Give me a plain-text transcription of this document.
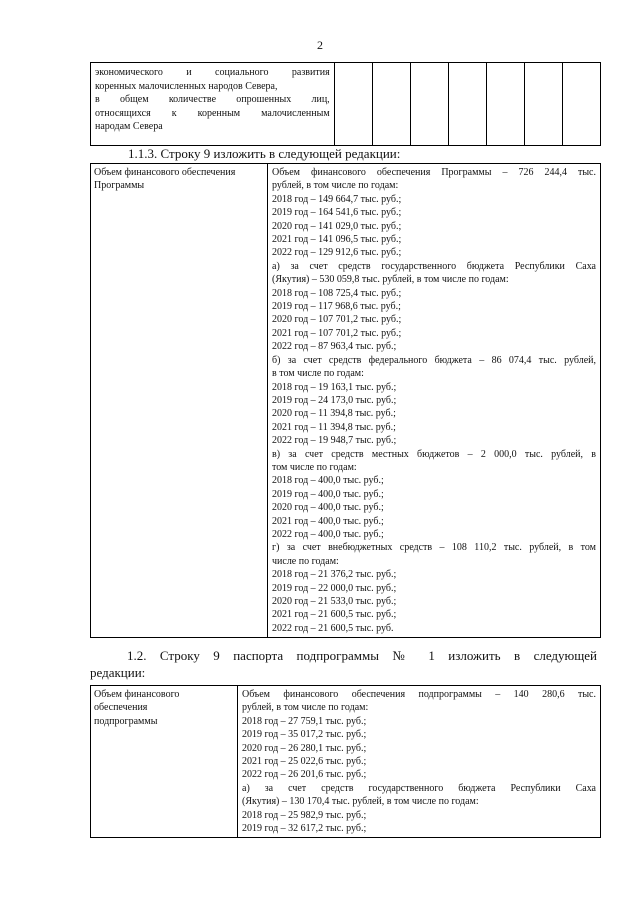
2
экономического и социального развития
коренных малочисленных народов Севера,
в общем количестве опрошенных лиц,
относящихся к коренным малочисленным
народам Севера

1.1.3. Строку 9 изложить в следующей редакции:
Объем финансового обеспечения
Программы

Объем финансового обеспечения Программы – 726 244,4 тыс.
рублей, в том числе по годам:
2018 год – 149 664,7 тыс. руб.;
2019 год – 164 541,6 тыс. руб.;
2020 год – 141 029,0 тыс. руб.;
2021 год – 141 096,5 тыс. руб.;
2022 год – 129 912,6 тыс. руб.;
а) за счет средств государственного бюджета Республики Саха
(Якутия) – 530 059,8 тыс. рублей, в том числе по годам:
2018 год – 108 725,4 тыс. руб.;
2019 год – 117 968,6 тыс. руб.;
2020 год – 107 701,2 тыс. руб.;
2021 год – 107 701,2 тыс. руб.;
2022 год – 87 963,4 тыс. руб.;
б) за счет средств федерального бюджета – 86 074,4 тыс. рублей,
в том числе по годам:
2018 год – 19 163,1 тыс. руб.;
2019 год – 24 173,0 тыс. руб.;
2020 год – 11 394,8 тыс. руб.;
2021 год – 11 394,8 тыс. руб.;
2022 год – 19 948,7 тыс. руб.;
в) за счет средств местных бюджетов – 2 000,0 тыс. рублей, в
том числе по годам:
2018 год – 400,0 тыс. руб.;
2019 год – 400,0 тыс. руб.;
2020 год – 400,0 тыс. руб.;
2021 год – 400,0 тыс. руб.;
2022 год – 400,0 тыс. руб.;
г) за счет внебюджетных средств – 108 110,2 тыс. рублей, в том
числе по годам:
2018 год – 21 376,2 тыс. руб.;
2019 год – 22 000,0 тыс. руб.;
2020 год – 21 533,0 тыс. руб.;
2021 год – 21 600,5 тыс. руб.;
2022 год – 21 600,5 тыс. руб.
1.2. Строку 9 паспорта подпрограммы № 1 изложить в следующей
редакции:
Объем финансового
обеспечения
подпрограммы

Объем финансового обеспечения подпрограммы – 140 280,6 тыс.
рублей, в том числе по годам:
2018 год – 27 759,1 тыс. руб.;
2019 год – 35 017,2 тыс. руб.;
2020 год – 26 280,1 тыс. руб.;
2021 год – 25 022,6 тыс. руб.;
2022 год – 26 201,6 тыс. руб.;
а) за счет средств государственного бюджета Республики Саха
(Якутия) – 130 170,4 тыс. рублей, в том числе по годам:
2018 год – 25 982,9 тыс. руб.;
2019 год – 32 617,2 тыс. руб.;
